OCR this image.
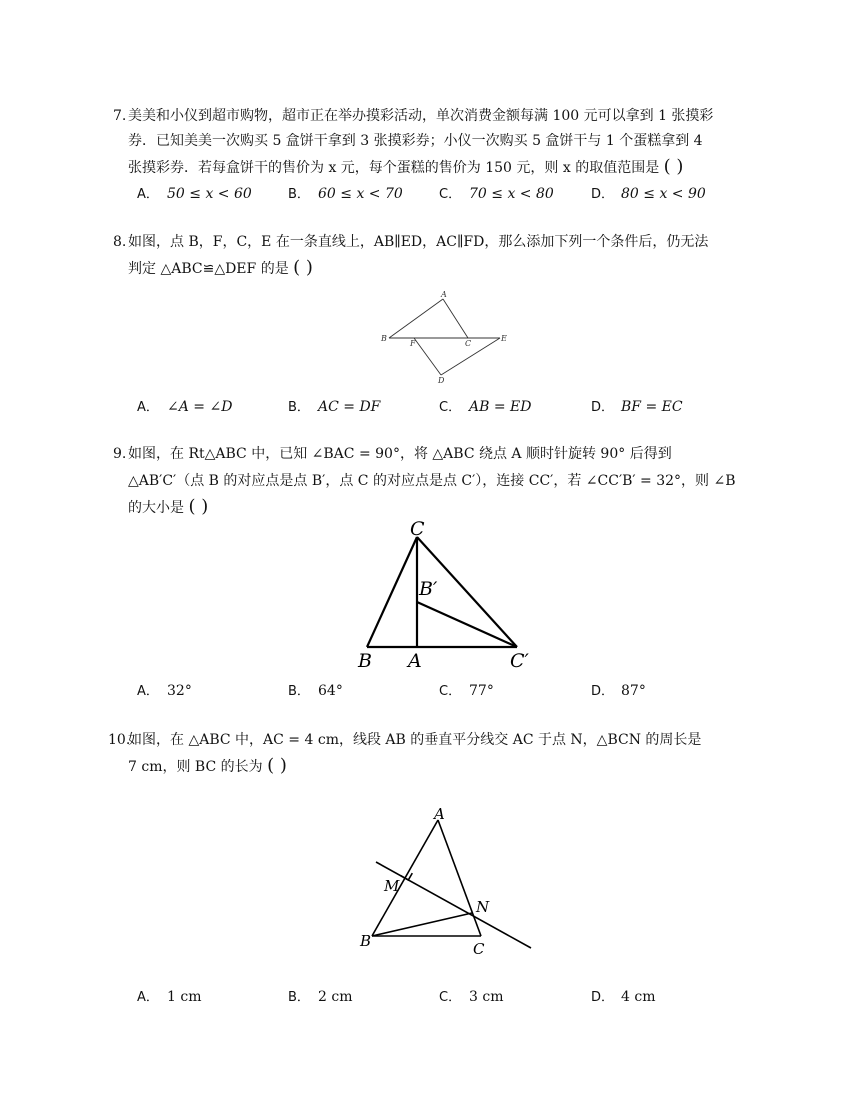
7. 美美和小仪到超市购物，超市正在举办摸彩活动，单次消费金额每满 100 元可以拿到 1 张摸彩
券．已知美美一次购买 5 盒饼干拿到 3 张摸彩券；小仪一次购买 5 盒饼干与 1 个蛋糕拿到 4
张摸彩券．若每盒饼干的售价为 x 元，每个蛋糕的售价为 150 元，则 x 的取值范围是 ( )
A． 50 ≤ x < 60	B． 60 ≤ x < 70	C． 70 ≤ x < 80	D． 80 ≤ x < 90
8. 如图，点 B，F，C，E 在一条直线上，AB∥ED，AC∥FD，那么添加下列一个条件后，仍无法
判定 △ABC≌△DEF 的是 ( )
A
B
F	C
E
D
A． ∠A = ∠D	B． AC = DF	C． AB = ED	D． BF = EC
9. 如图，在 Rt△ABC 中，已知 ∠BAC = 90°，将 △ABC 绕点 A 顺时针旋转 90° 后得到
△AB′C′（点 B 的对应点是点 B′，点 C 的对应点是点 C′），连接 CC′，若 ∠CC′B′ = 32°，则 ∠B
的大小是 ( )
C
B′
B A	C′
A． 32°	B． 64°	C． 77°	D． 87°
10.
如图，在 △ABC 中，AC = 4 cm，线段 AB 的垂直平分线交 AC 于点 N，△BCN 的周长是
7 cm，则 BC 的长为 ( )
A
M
N
B	C
A． 1 cm	B． 2 cm	C． 3 cm	D． 4 cm
